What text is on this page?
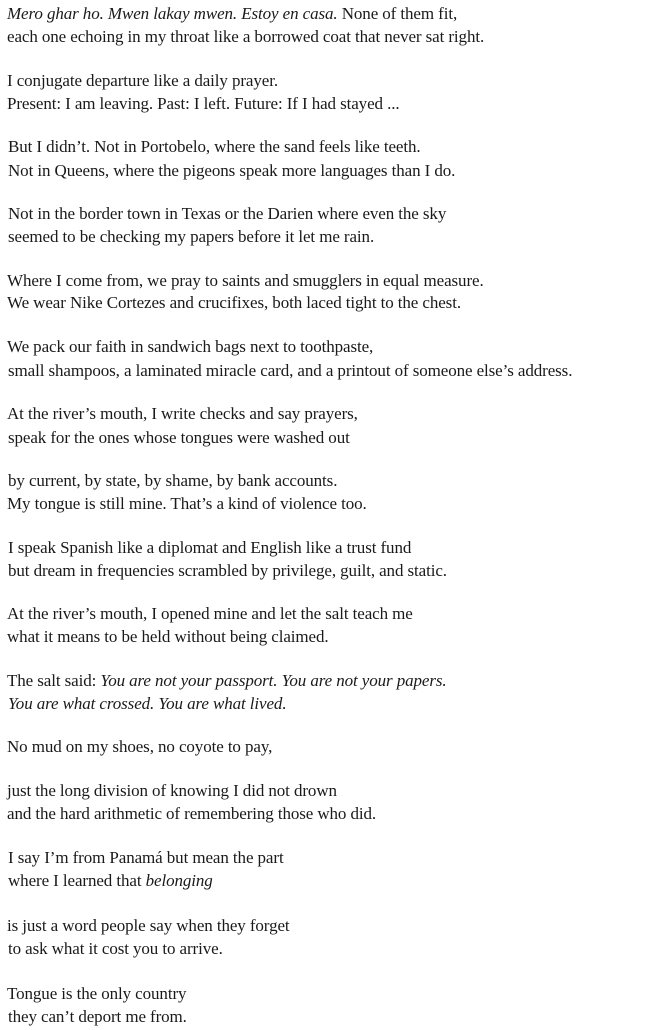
Mero ghar ho. Mwen lakay mwen. Estoy en casa. None of them fit,
each one echoing in my throat like a borrowed coat that never sat right.
I conjugate departure like a daily prayer.
Present: I am leaving. Past: I left. Future: If I had stayed ...
But I didn’t. Not in Portobelo, where the sand feels like teeth.
Not in Queens, where the pigeons speak more languages than I do.
Not in the border town in Texas or the Darien where even the sky
seemed to be checking my papers before it let me rain.
Where I come from, we pray to saints and smugglers in equal measure.
We wear Nike Cortezes and crucifixes, both laced tight to the chest.
We pack our faith in sandwich bags next to toothpaste,
small shampoos, a laminated miracle card, and a printout of someone else’s address.
At the river’s mouth, I write checks and say prayers,
speak for the ones whose tongues were washed out
by current, by state, by shame, by bank accounts.
My tongue is still mine. That’s a kind of violence too.
I speak Spanish like a diplomat and English like a trust fund
but dream in frequencies scrambled by privilege, guilt, and static.
At the river’s mouth, I opened mine and let the salt teach me
what it means to be held without being claimed.
The salt said: You are not your passport. You are not your papers.
You are what crossed. You are what lived.
No mud on my shoes, no coyote to pay,
just the long division of knowing I did not drown
and the hard arithmetic of remembering those who did.
I say I’m from Panamá but mean the part
where I learned that belonging
is just a word people say when they forget
to ask what it cost you to arrive.
Tongue is the only country
they can’t deport me from.
